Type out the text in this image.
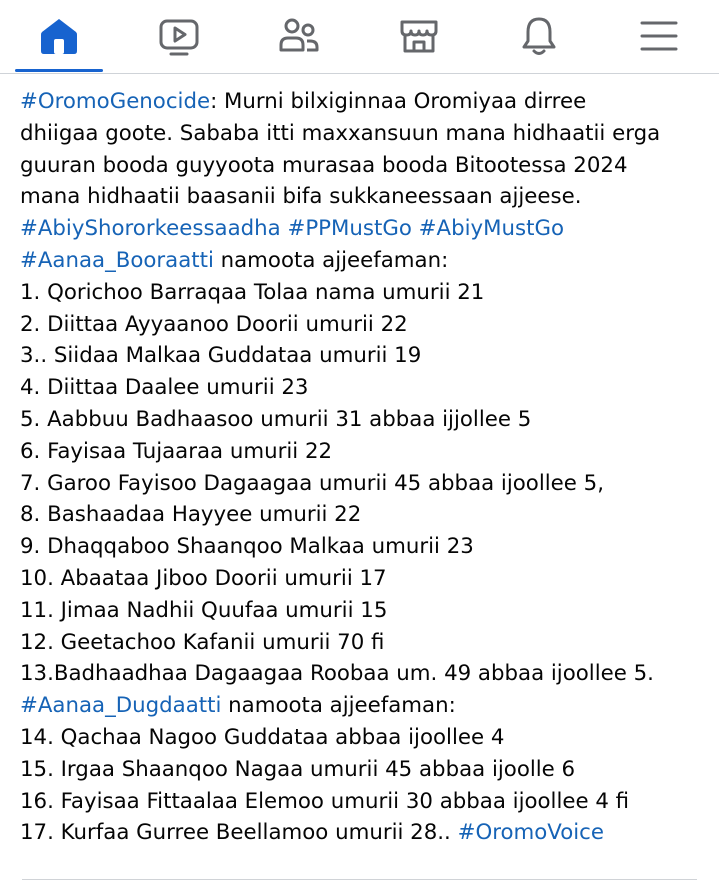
#OromoGenocide: Murni bilxiginnaa Oromiyaa dirree

dhiigaa goote. Sababa itti maxxansuun mana hidhaatii erga

guuran booda guyyoota murasaa booda Bitootessa 2024

mana hidhaatii baasanii bifa sukkaneessaan ajjeese.

#AbiyShororkeessaadha #PPMustGo #AbiyMustGo

#Aanaa_Booraatti namoota ajjeefaman:

1. Qorichoo Barraqaa Tolaa nama umurii 21

2. Diittaa Ayyaanoo Doorii umurii 22

3.. Siidaa Malkaa Guddataa umurii 19

4. Diittaa Daalee umurii 23

5. Aabbuu Badhaasoo umurii 31 abbaa ijjollee 5

6. Fayisaa Tujaaraa umurii 22

7. Garoo Fayisoo Dagaagaa umurii 45 abbaa ijoollee 5,

8. Bashaadaa Hayyee umurii 22

9. Dhaqqaboo Shaanqoo Malkaa umurii 23

10. Abaataa Jiboo Doorii umurii 17

11. Jimaa Nadhii Quufaa umurii 15

12. Geetachoo Kafanii umurii 70 fi

13.Badhaadhaa Dagaagaa Roobaa um. 49 abbaa ijoollee 5.

#Aanaa_Dugdaatti namoota ajjeefaman:

14. Qachaa Nagoo Guddataa abbaa ijoollee 4

15. Irgaa Shaanqoo Nagaa umurii 45 abbaa ijoolle 6

16. Fayisaa Fittaalaa Elemoo umurii 30 abbaa ijoollee 4 fi

17. Kurfaa Gurree Beellamoo umurii 28.. #OromoVoice
